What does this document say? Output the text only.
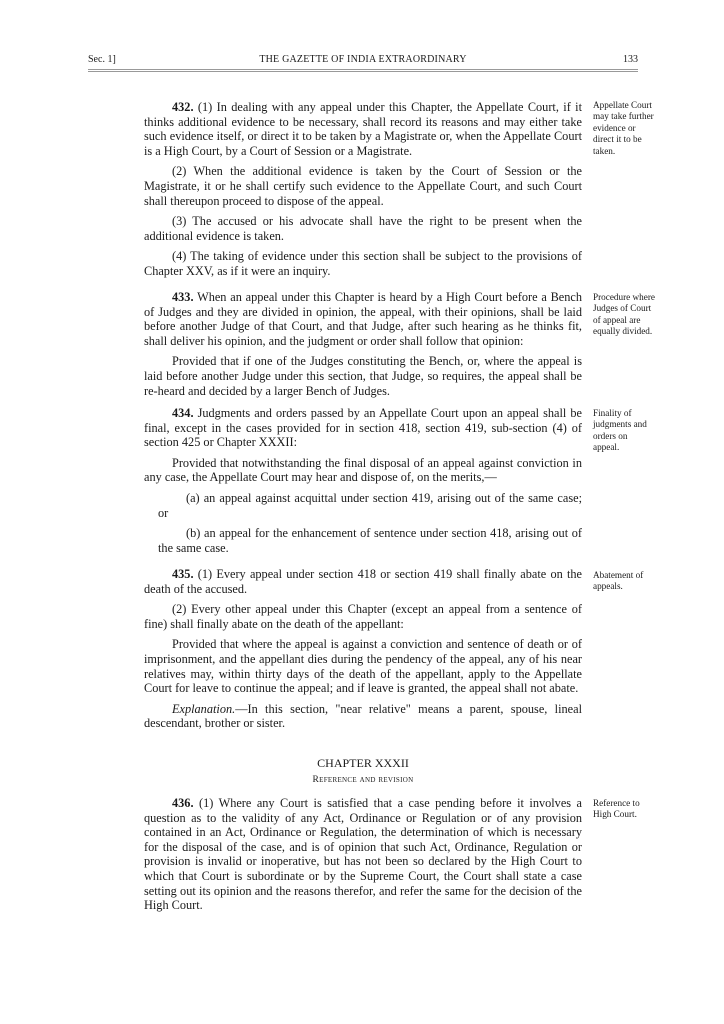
Sec. 1]	THE GAZETTE OF INDIA EXTRAORDINARY	133

432. (1) In dealing with any appeal under this Chapter, the Appellate Court, if it thinks additional evidence to be necessary, shall record its reasons and may either take such evidence itself, or direct it to be taken by a Magistrate or, when the Appellate Court is a High Court, by a Court of Session or a Magistrate.

(2) When the additional evidence is taken by the Court of Session or the Magistrate, it or he shall certify such evidence to the Appellate Court, and such Court shall thereupon proceed to dispose of the appeal.

(3) The accused or his advocate shall have the right to be present when the additional evidence is taken.

(4) The taking of evidence under this section shall be subject to the provisions of Chapter XXV, as if it were an inquiry.

Appellate Court may take further evidence or direct it to be taken.

433. When an appeal under this Chapter is heard by a High Court before a Bench of Judges and they are divided in opinion, the appeal, with their opinions, shall be laid before another Judge of that Court, and that Judge, after such hearing as he thinks fit, shall deliver his opinion, and the judgment or order shall follow that opinion:

Provided that if one of the Judges constituting the Bench, or, where the appeal is laid before another Judge under this section, that Judge, so requires, the appeal shall be re-heard and decided by a larger Bench of Judges.

Procedure where Judges of Court of appeal are equally divided.

434. Judgments and orders passed by an Appellate Court upon an appeal shall be final, except in the cases provided for in section 418, section 419, sub-section (4) of section 425 or Chapter XXXII:

Provided that notwithstanding the final disposal of an appeal against conviction in any case, the Appellate Court may hear and dispose of, on the merits,—

(a) an appeal against acquittal under section 419, arising out of the same case; or

(b) an appeal for the enhancement of sentence under section 418, arising out of the same case.

Finality of judgments and orders on appeal.

435. (1) Every appeal under section 418 or section 419 shall finally abate on the death of the accused.

(2) Every other appeal under this Chapter (except an appeal from a sentence of fine) shall finally abate on the death of the appellant:

Provided that where the appeal is against a conviction and sentence of death or of imprisonment, and the appellant dies during the pendency of the appeal, any of his near relatives may, within thirty days of the death of the appellant, apply to the Appellate Court for leave to continue the appeal; and if leave is granted, the appeal shall not abate.

Explanation.—In this section, "near relative" means a parent, spouse, lineal descendant, brother or sister.

Abatement of appeals.
CHAPTER XXXII
Reference and revision

436. (1) Where any Court is satisfied that a case pending before it involves a question as to the validity of any Act, Ordinance or Regulation or of any provision contained in an Act, Ordinance or Regulation, the determination of which is necessary for the disposal of the case, and is of opinion that such Act, Ordinance, Regulation or provision is invalid or inoperative, but has not been so declared by the High Court to which that Court is subordinate or by the Supreme Court, the Court shall state a case setting out its opinion and the reasons therefor, and refer the same for the decision of the High Court.

Reference to High Court.
